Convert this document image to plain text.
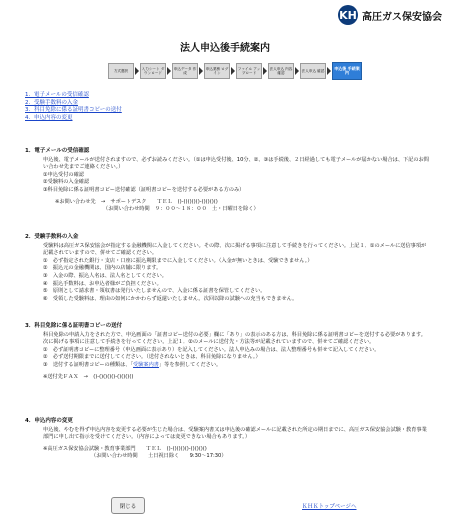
KH 高圧ガス保安協会
法人申込後手続案内
方式選択
入力シート ダウンロード
申込データ 作成
申込業務 ログイン
ファイル アップロード
法人申込 内容確認
法人申込 確認
申込後 手続案内
1．電子メールの受信確認
2．受験手数料の入金
3．科目免除に係る証明書コピーの送付
4．申込内容の変更
1．電子メールの受信確認

申込後、電子メールが送付されますので、必ずお読みください。（①は申込受付後、10分、②、③は手続後、２日経過しても電子メールが届かない場合は、下記のお問い合わせ先までご連絡ください。）

①申込受付の確認

②受験料の入金確認

③科目免除に係る証明書コピー送付確認（証明書コピーを送付する必要がある方のみ）

※お問い合わせ先　→　サポートデスク　　ＴＥＬ　()-()()()()-()()()()

（お問い合わせ時間　９：００～１８：００　土・日曜日を除く）

2．受験手数料の入金

受験料は高圧ガス保安協会が指定する金融機関に入金してください。その際、次に掲げる事項に注意して手続きを行ってください。上記１．①のメールに送信事項が記載されていますので、併せてご確認ください。

①　必ず指定された銀行・支店・口座に振込期限までに入金してください。（入金が無いときは、受験できません。）

②　振込元の金融機関は、国内の店舗に限ります。

③　入金の際、振込人名は、法人名としてください。

④　振込手数料は、お申込者様がご負担ください。

⑤　原則として請求書・領収書は発行いたしませんので、入金に係る証書を保管してください。

⑥　受領した受験料は、理由の如何にかかわらず返還いたしません。次回以降の試験への充当もできません。

3．科目免除に係る証明書コピーの送付

科目免除の申請入力をされた方で、申込画面の「証書コピー送付の必要」欄に「あり」の表示のある方は、科目免除に係る証明書コピーを送付する必要があります。

次に掲げる事項に注意して手続きを行ってください。上記１．②のメールに送付先・方法等が記載されていますので、併せてご確認ください。

①　必ず証明書コピーに整理番号（申込画面に表示あり）を記入してください。法人申込みの場合は、法人整理番号も併せて記入してください。

②　必ず送付期限までに送付してください。（送付されないときは、科目免除になりません。）

③　送付する証明書コピーの種類は、「受験案内書」等を参照してください。

※送付先ＦＡＸ　→　()-()()()()-()()()()

4．申込内容の変更

申込後、やむを得ず申込内容を変更する必要が生じた場合は、受験案内書又は申込後の確認メールに記載された所定の期日までに、高圧ガス保安協会試験・教育事業部門に申し出て指示を受けてください。（内容によっては変更できない場合もあります。）

※高圧ガス保安協会試験・教育事業部門　　ＴＥＬ　()-()()()()-()()()()

（お問い合わせ時間　　土日祝日除く　　9:30～17:30）

閉じる	ＫＨＫトップページへ
